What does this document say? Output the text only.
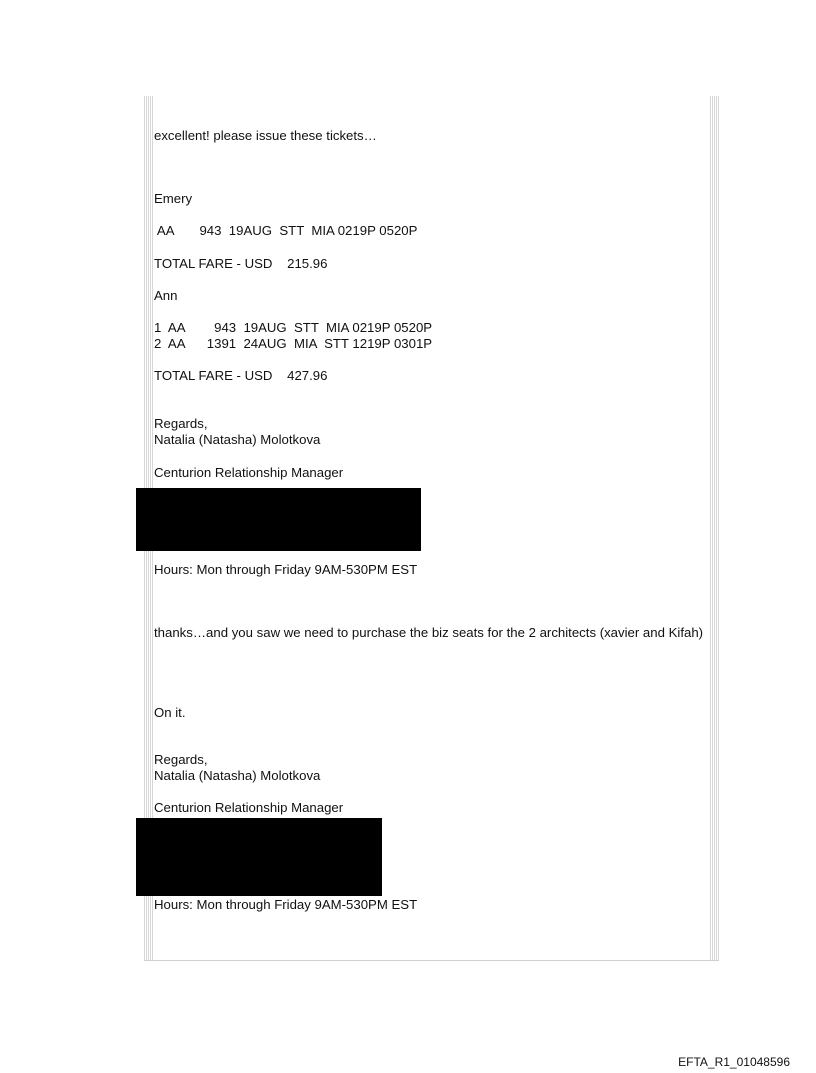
excellent! please issue these tickets…

Emery

AA       943  19AUG  STT  MIA 0219P 0520P

TOTAL FARE - USD    215.96

Ann

1  AA        943  19AUG  STT  MIA 0219P 0520P

2  AA      1391  24AUG  MIA  STT 1219P 0301P

TOTAL FARE - USD    427.96

Regards,

Natalia (Natasha) Molotkova

Centurion Relationship Manager

Hours: Mon through Friday 9AM-530PM EST

thanks…and you saw we need to purchase the biz seats for the 2 architects (xavier and Kifah)

On it.

Regards,

Natalia (Natasha) Molotkova

Centurion Relationship Manager

Hours: Mon through Friday 9AM-530PM EST

EFTA_R1_01048596
